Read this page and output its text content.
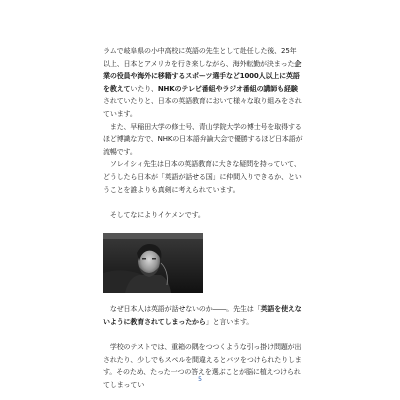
ラムで岐阜県の小中高校に英語の先生として赴任した後、25年以上、日本とアメリカを行き来しながら、海外転勤が決まった企業の役員や海外に移籍するスポーツ選手など1000人以上に英語を教えていたり、NHKのテレビ番組やラジオ番組の講師も経験されていたりと、日本の英語教育において様々な取り組みをされています。

　また、早稲田大学の修士号、青山学院大学の博士号を取得するほど博識な方で、NHKの日本語弁論大会で優勝するほど日本語が流暢です。

　ソレイシィ先生は日本の英語教育に大きな疑問を持っていて、どうしたら日本が「英語が話せる国」に仲間入りできるか、ということを誰よりも真剣に考えられています。

　そしてなによりイケメンです。

　なぜ日本人は英語が話せないのか――。先生は「英語を使えないように教育されてしまったから」と言います。

　学校のテストでは、重箱の隅をつつくような引っ掛け問題が出されたり、少しでもスペルを間違えるとバツをつけられたりします。そのため、たった一つの答えを選ぶことが脳に植えつけられてしまってい

5
